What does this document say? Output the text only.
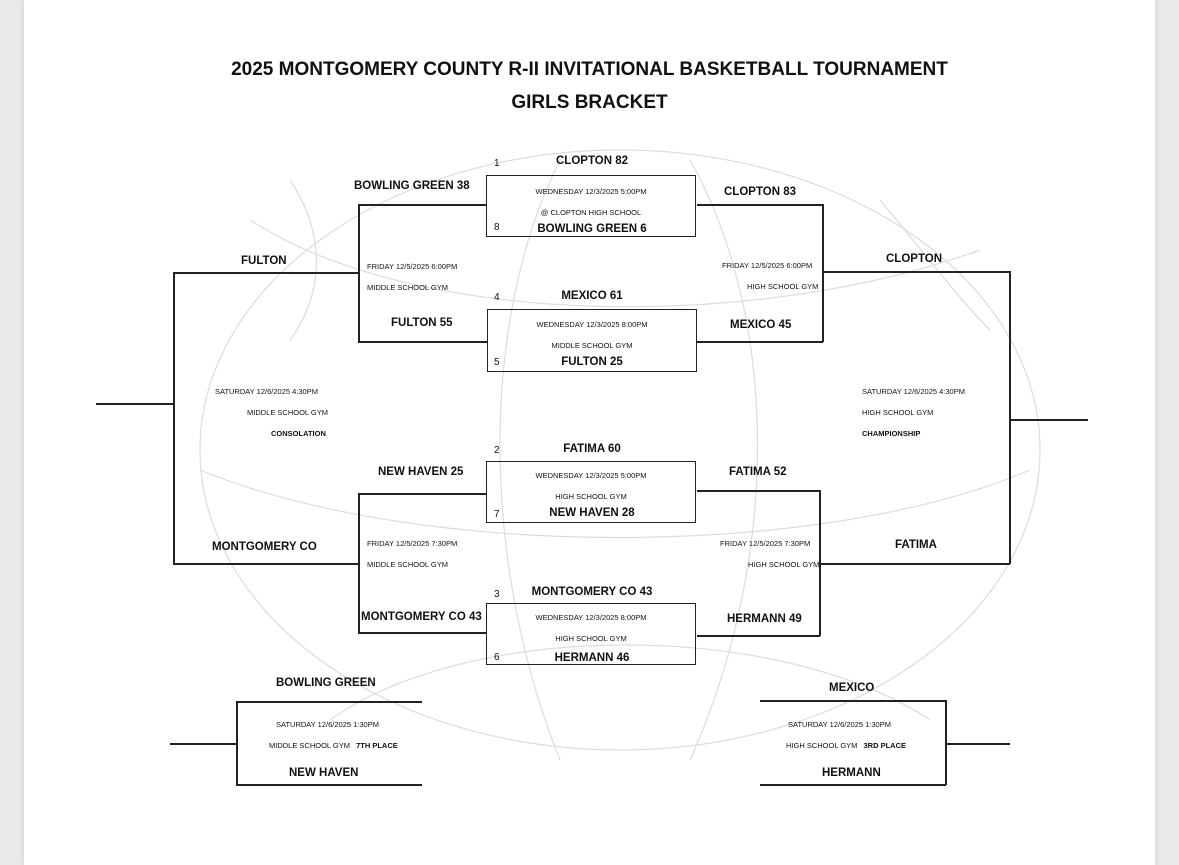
2025 MONTGOMERY COUNTY R-II INVITATIONAL BASKETBALL TOURNAMENT
GIRLS BRACKET
1	CLOPTON 82
WEDNESDAY 12/3/2025 5:00PM
@ CLOPTON HIGH SCHOOL
8	BOWLING GREEN 6
4	MEXICO 61
WEDNESDAY 12/3/2025 8:00PM
MIDDLE SCHOOL GYM
5	FULTON 25
2	FATIMA 60
WEDNESDAY 12/3/2025 5:00PM
HIGH SCHOOL GYM
7	NEW HAVEN 28
3	MONTGOMERY CO 43
WEDNESDAY 12/3/2025 8:00PM
HIGH SCHOOL GYM
6	HERMANN 46
BOWLING GREEN 38
FRIDAY 12/5/2025 6:00PM
MIDDLE SCHOOL GYM
FULTON 55
NEW HAVEN 25
FRIDAY 12/5/2025 7:30PM
MIDDLE SCHOOL GYM
MONTGOMERY CO 43
CLOPTON 83
FRIDAY 12/5/2025 6:00PM
HIGH SCHOOL GYM
MEXICO 45
FATIMA 52
FRIDAY 12/5/2025 7:30PM
HIGH SCHOOL GYM
HERMANN 49
FULTON
SATURDAY 12/6/2025 4:30PM
MIDDLE SCHOOL GYM
CONSOLATION
MONTGOMERY CO
CLOPTON
SATURDAY 12/6/2025 4:30PM
HIGH SCHOOL GYM
CHAMPIONSHIP
FATIMA
BOWLING GREEN
SATURDAY 12/6/2025 1:30PM
MIDDLE SCHOOL GYM 7TH PLACE
NEW HAVEN
MEXICO
SATURDAY 12/6/2025 1:30PM
HIGH SCHOOL GYM 3RD PLACE
HERMANN
